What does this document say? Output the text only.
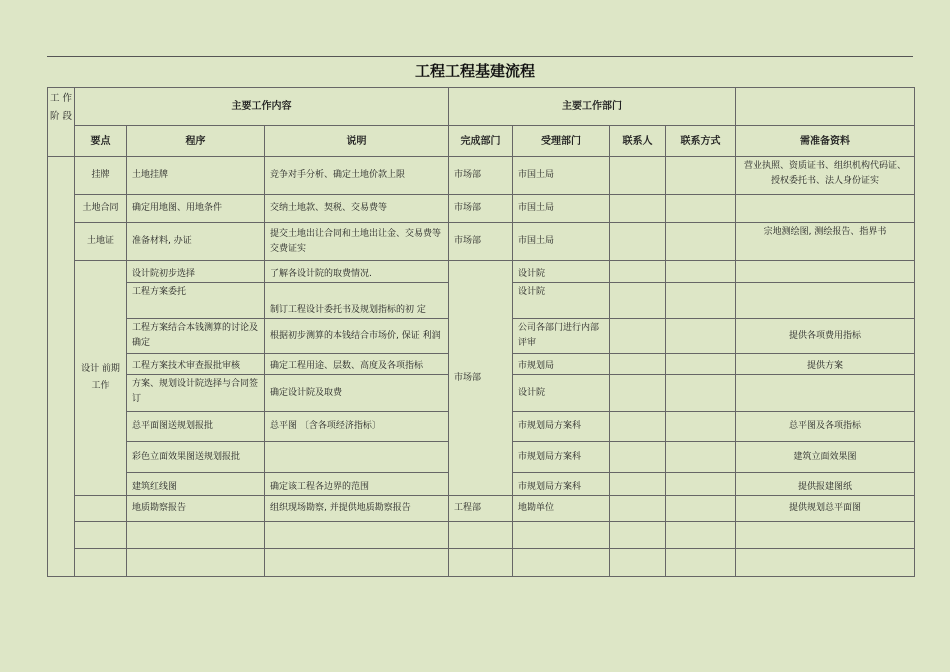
工程工程基建流程
工 作阶 段	主要工作内容			主要工作部门				
	要点	程序	说明	完成部门	受理部门	联系人	联系方式	需准备资料
	挂牌	土地挂牌	竞争对手分析、确定土地价款上限	市场部	市国土局			营业执照、资质证书、组织机构代码证、授权委托书、法人身份证实
	土地合同	确定用地图、用地条件	交纳土地款、契税、交易费等	市场部	市国土局			
	土地证	准备材料, 办证	提交土地出让合同和土地出让金、交易费等交费证实	市场部	市国土局			宗地测绘图, 测绘报告、指界书
	设计 前期工作	设计院初步选择	了解各设计院的取费情况.	市场部	设计院			
		工程方案委托	制订工程设计委托书及规划指标的初 定		设计院			
		工程方案结合本钱测算的讨论及确定	根据初步测算的本钱结合市场价, 保证 利润		公司各部门进行内部评审			提供各项费用指标
		工程方案技术审查报批审核	确定工程用途、层数、高度及各项指标		市规划局			提供方案
		方案、规划设计院选择与合同签订	确定设计院及取费		设计院			
		总平面图送规划报批	总平图 〔含各项经济指标〕		市规划局方案科			总平图及各项指标
		彩色立面效果图送规划报批			市规划局方案科			建筑立面效果图
		建筑红线图	确定该工程各边界的范围		市规划局方案科			提供报建图纸
		地质勘察报告	组织现场勘察, 并提供地质勘察报告	工程部	地勘单位			提供规划总平面图
